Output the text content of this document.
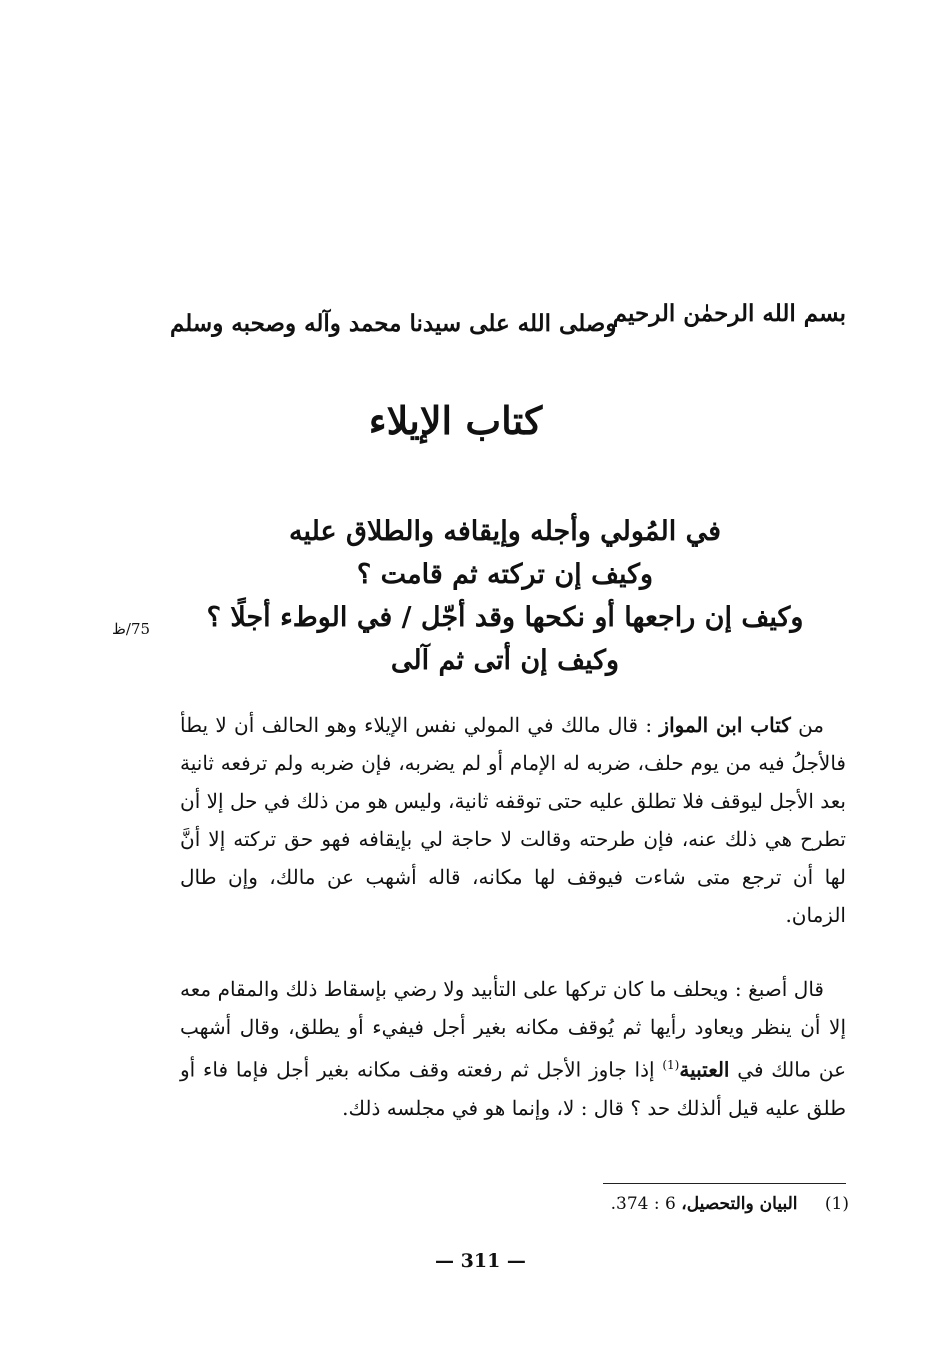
بسم الله الرحمٰن الرحيم
وصلى الله على سيدنا محمد وآله وصحبه وسلم
كتاب الإيلاء
في المُولي وأجله وإيقافه والطلاق عليه
وكيف إن تركته ثم قامت ؟
وكيف إن راجعها أو نكحها وقد أجّل / في الوطء أجلًا ؟
وكيف إن أتى ثم آلى
75/ظ

من كتاب ابن المواز : قال مالك في المولي نفس الإيلاء وهو الحالف أن لا يطأ فالأجلُ فيه من يوم حلف، ضربه له الإمام أو لم يضربه، فإن ضربه ولم ترفعه ثانية بعد الأجل ليوقف فلا تطلق عليه حتى توقفه ثانية، وليس هو من ذلك في حل إلا أن تطرح هي ذلك عنه، فإن طرحته وقالت لا حاجة لي بإيقافه فهو حق تركته إلا أنَّ لها أن ترجع متى شاءت فيوقف لها مكانه، قاله أشهب عن مالك، وإن طال الزمان.

قال أصبغ : ويحلف ما كان تركها على التأبيد ولا رضي بإسقاط ذلك والمقام معه إلا أن ينظر ويعاود رأيها ثم يُوقف مكانه بغير أجل فيفيء أو يطلق، وقال أشهب عن مالك في العتبية$^{(1)}$ إذا جاوز الأجل ثم رفعته وقف مكانه بغير أجل فإما فاء أو طلق عليه قيل ألذلك حد ؟ قال : لا، وإنما هو في مجلسه ذلك.

(1) البيان والتحصيل، 6 : 374.
— 311 —
